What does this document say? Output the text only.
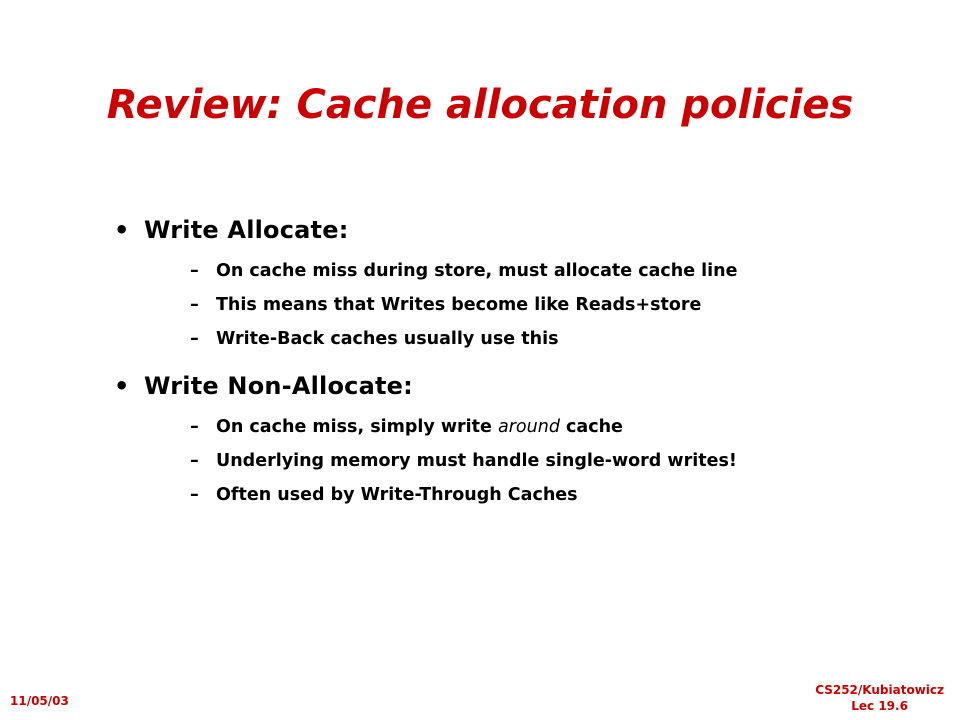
Review: Cache allocation policies
• Write Allocate:
– On cache miss during store, must allocate cache line
– This means that Writes become like Reads+store
– Write-Back caches usually use this
• Write Non-Allocate:
– On cache miss, simply write around cache
– Underlying memory must handle single-word writes!
– Often used by Write-Through Caches
11/05/03
CS252/Kubiatowicz
Lec 19.6
